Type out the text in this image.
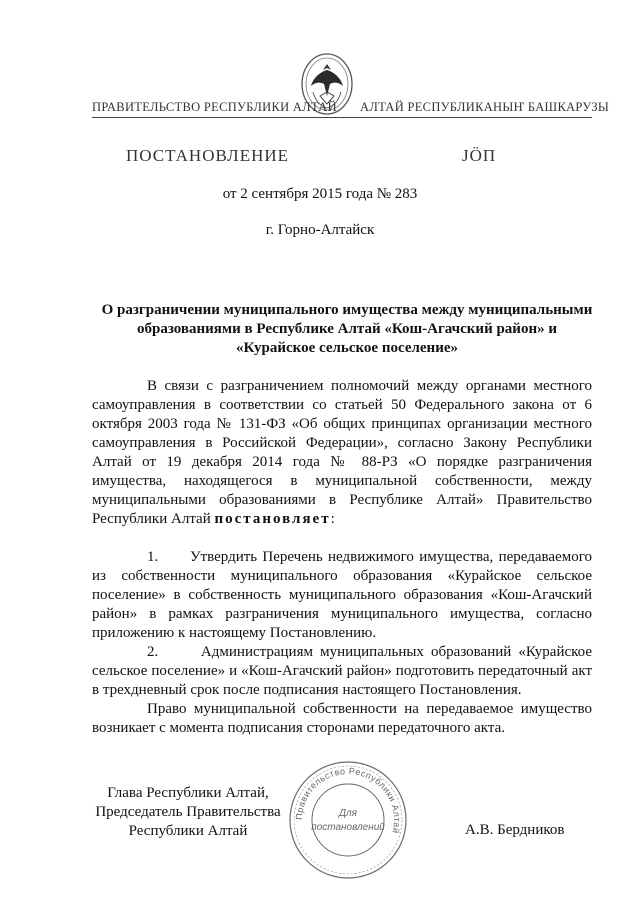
ПРАВИТЕЛЬСТВО РЕСПУБЛИКИ АЛТАЙ АЛТАЙ РЕСПУБЛИКАНЫҤ БАШКАРУЗЫ
ПОСТАНОВЛЕНИЕ	ЈӦП
от 2 сентября 2015 года № 283
г. Горно-Алтайск
О разграничении муниципального имущества между муниципальными
образованиями в Республике Алтай «Кош-Агачский район» и
«Курайское сельское поселение»

В связи с разграничением полномочий между органами местного самоуправления в соответствии со статьей 50 Федерального закона от 6 октября 2003 года № 131-ФЗ «Об общих принципах организации местного самоуправления в Российской Федерации», согласно Закону Республики Алтай от 19 декабря 2014 года № 88-РЗ «О порядке разграничения имущества, находящегося в муниципальной собственности, между муниципальными образованиями в Республике Алтай» Правительство Республики Алтай постановляет:

1.      Утвердить Перечень недвижимого имущества, передаваемого из собственности муниципального образования «Курайское сельское поселение» в собственность муниципального образования «Кош-Агачский район» в рамках разграничения муниципального имущества, согласно приложению к настоящему Постановлению.

2.      Администрациям муниципальных образований «Курайское сельское поселение» и «Кош-Агачский район» подготовить передаточный акт в трехдневный срок после подписания настоящего Постановления.

Право муниципальной собственности на передаваемое имущество возникает с момента подписания сторонами передаточного акта.

Глава Республики Алтай,
Председатель Правительства
Республики Алтай	А.В. Бердников
Правительство Республики Алтай
Для
постановлений
